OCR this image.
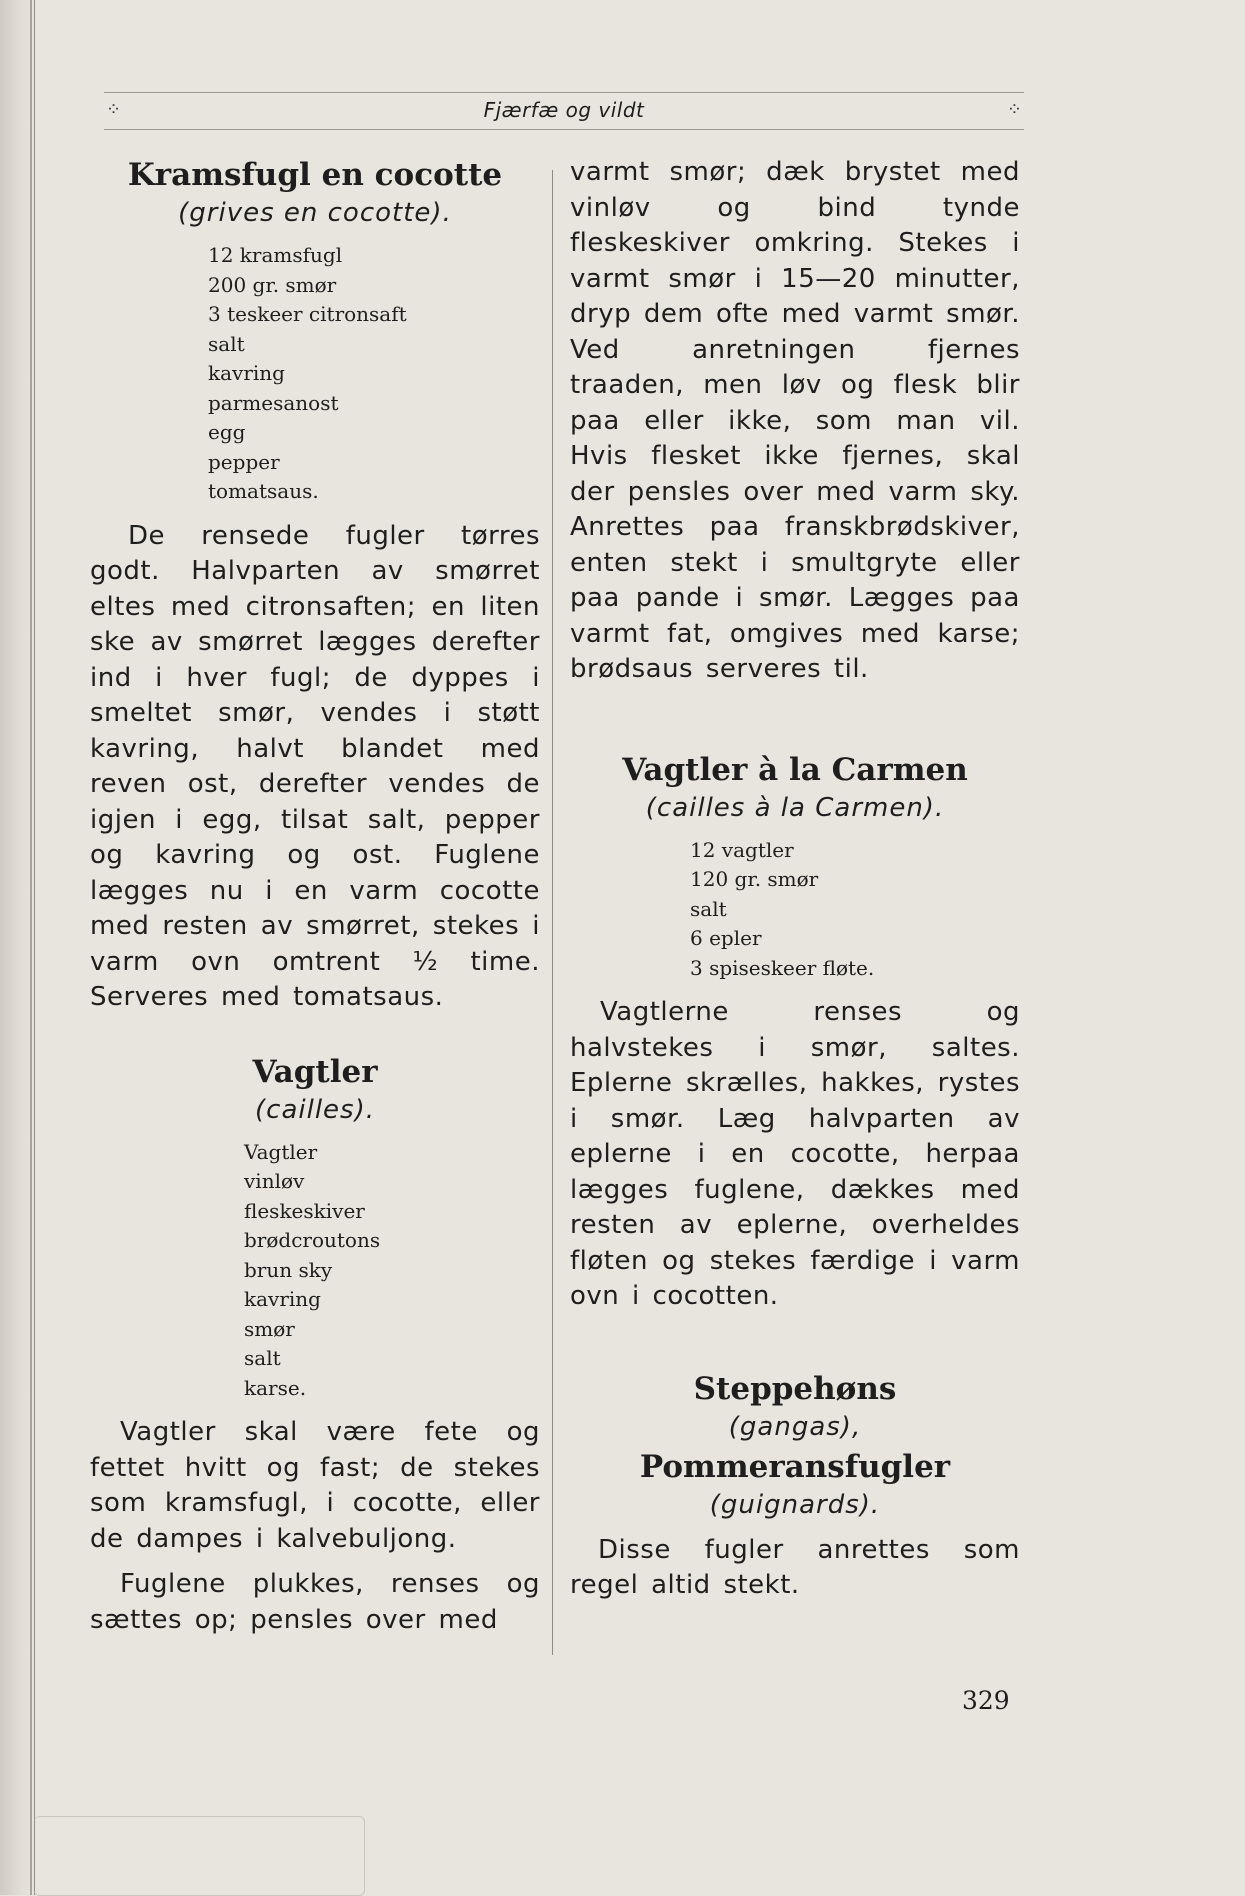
⁘	Fjærfæ og vildt	⁘
Kramsfugl en cocotte

(grives en cocotte).

12 kramsfugl
200 gr. smør
3 teskeer citronsaft
salt
kavring
parmesanost
egg
pepper
tomatsaus.

De rensede fugler tørres godt. Halvparten av smørret eltes med citronsaften; en liten ske av smørret lægges derefter ind i hver fugl; de dyppes i smeltet smør, vendes i støtt kavring, halvt blandet med reven ost, derefter vendes de igjen i egg, tilsat salt, pepper og kavring og ost. Fuglene lægges nu i en varm cocotte med resten av smørret, stekes i varm ovn omtrent ½ time. Serveres med tomatsaus.

Vagtler

(cailles).

Vagtler
vinløv
fleskeskiver
brødcroutons
brun sky
kavring
smør
salt
karse.

Vagtler skal være fete og fettet hvitt og fast; de stekes som kramsfugl, i cocotte, eller de dampes i kalvebuljong.

Fuglene plukkes, renses og sættes op; pensles over med

varmt smør; dæk brystet med vinløv og bind tynde fleskeskiver omkring. Stekes i varmt smør i 15—20 minutter, dryp dem ofte med varmt smør. Ved anretningen fjernes traaden, men løv og flesk blir paa eller ikke, som man vil. Hvis flesket ikke fjernes, skal der pensles over med varm sky. Anrettes paa franskbrødskiver, enten stekt i smultgryte eller paa pande i smør. Lægges paa varmt fat, omgives med karse; brødsaus serveres til.

Vagtler à la Carmen

(cailles à la Carmen).

12 vagtler
120 gr. smør
salt
6 epler
3 spiseskeer fløte.

Vagtlerne renses og halvstekes i smør, saltes. Eplerne skrælles, hakkes, rystes i smør. Læg halvparten av eplerne i en cocotte, herpaa lægges fuglene, dækkes med resten av eplerne, overheldes fløten og stekes færdige i varm ovn i cocotten.

Steppehøns

(gangas),

Pommeransfugler

(guignards).

Disse fugler anrettes som regel altid stekt.

329
